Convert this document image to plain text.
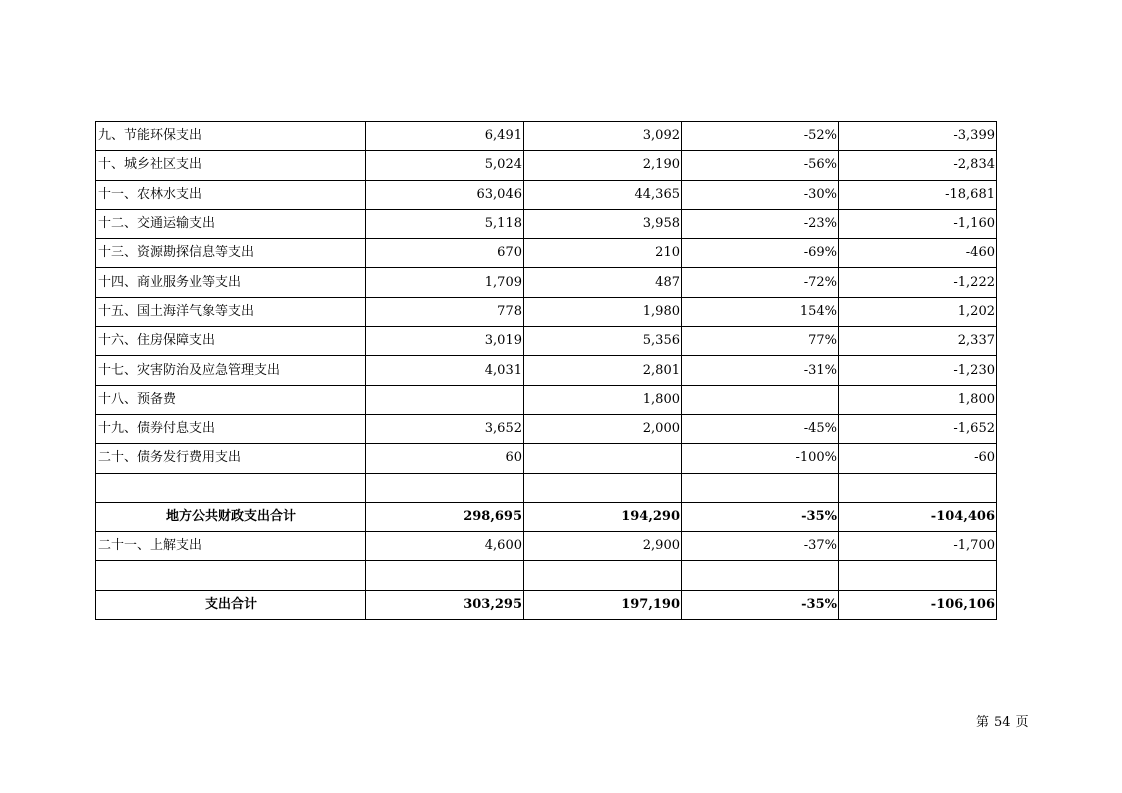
九、节能环保支出	6,491	3,092	-52%	-3,399
十、城乡社区支出	5,024	2,190	-56%	-2,834
十一、农林水支出	63,046	44,365	-30%	-18,681
十二、交通运输支出	5,118	3,958	-23%	-1,160
十三、资源勘探信息等支出	670	210	-69%	-460
十四、商业服务业等支出	1,709	487	-72%	-1,222
十五、国土海洋气象等支出	778	1,980	154%	1,202
十六、住房保障支出	3,019	5,356	77%	2,337
十七、灾害防治及应急管理支出	4,031	2,801	-31%	-1,230
十八、预备费		1,800		1,800
十九、债券付息支出	3,652	2,000	-45%	-1,652
二十、债务发行费用支出	60		-100%	-60

地方公共财政支出合计	298,695	194,290	-35%	-104,406
二十一、上解支出	4,600	2,900	-37%	-1,700

支出合计	303,295	197,190	-35%	-106,106
第 54 页
